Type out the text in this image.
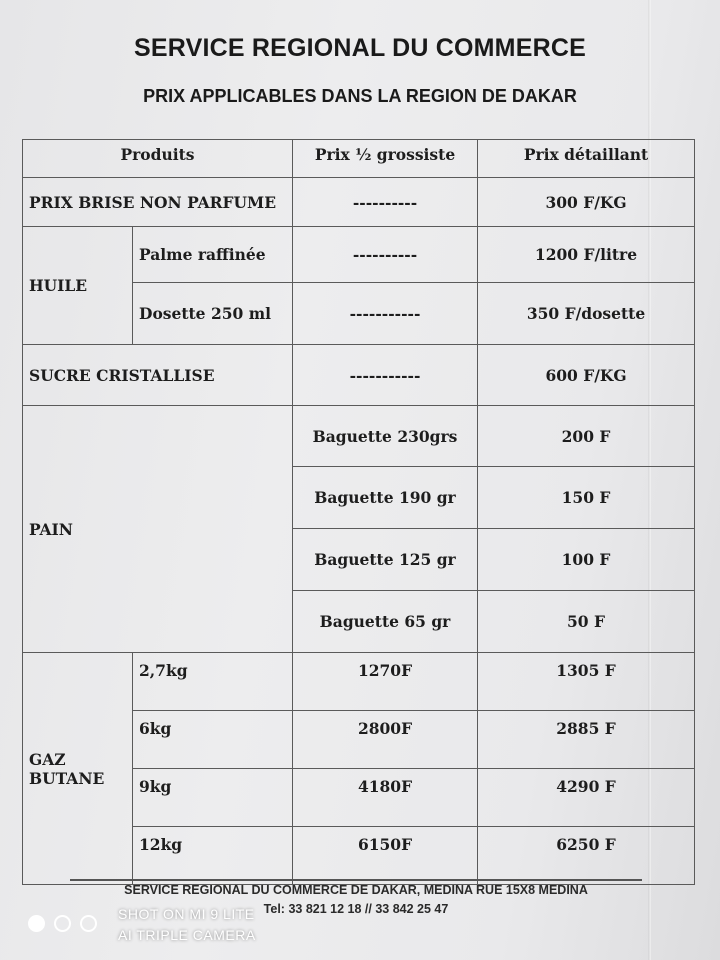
SERVICE REGIONAL DU COMMERCE
PRIX APPLICABLES DANS LA REGION DE DAKAR
Produits		Prix ½ grossiste	Prix détaillant
PRIX BRISE NON PARFUME		----------	300 F/KG
HUILE	Palme raffinée	----------	1200 F/litre
	Dosette 250 ml	-----------	350 F/dosette
SUCRE CRISTALLISE		-----------	600 F/KG
PAIN		Baguette 230grs	200 F
		Baguette 190 gr	150 F
		Baguette 125 gr	100 F
		Baguette 65 gr	50 F
GAZ
BUTANE	2,7kg	1270F	1305 F
	6kg	2800F	2885 F
	9kg	4180F	4290 F
	12kg	6150F	6250 F
SERVICE REGIONAL DU COMMERCE DE DAKAR, MEDINA RUE 15X8 MEDINA
Tel: 33 821 12 18 // 33 842 25 47
SHOT ON MI 9 LITE
AI TRIPLE CAMERA
